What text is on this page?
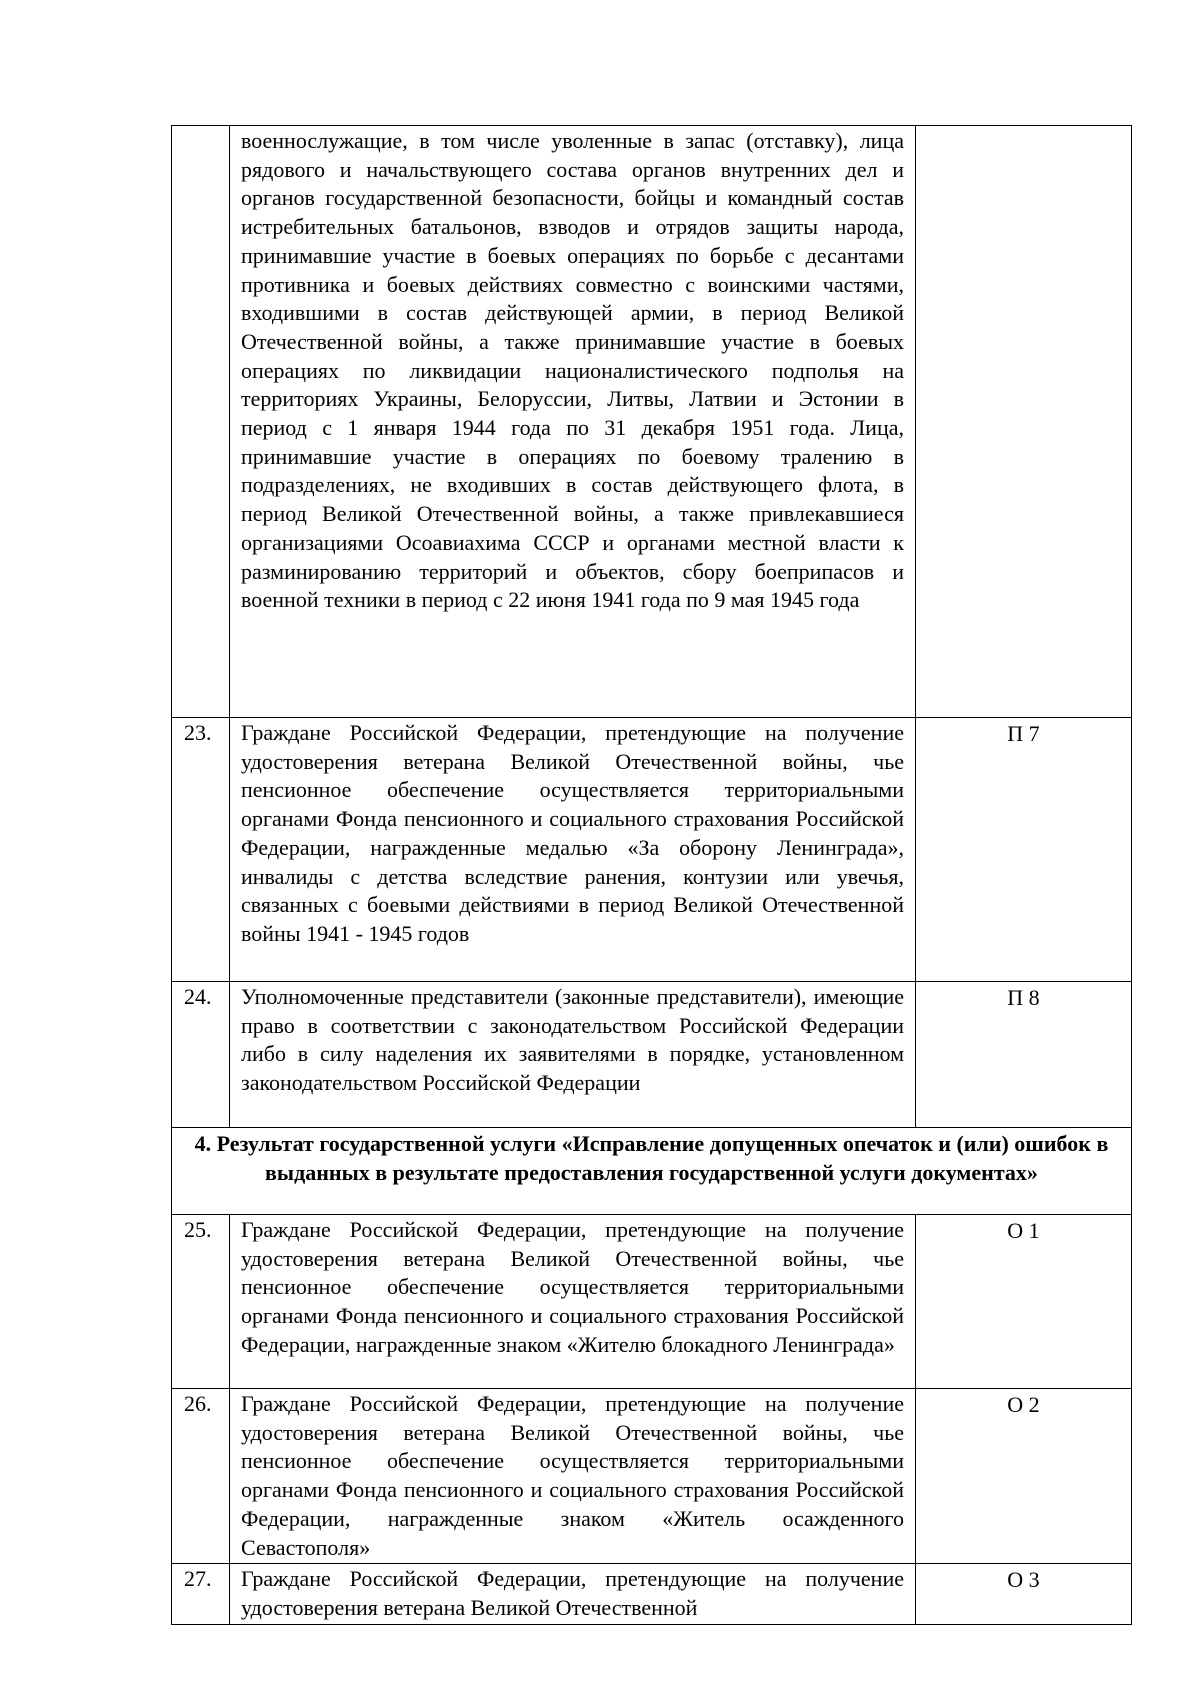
	военнослужащие, в том числе уволенные в запас (отставку), лица рядового и начальствующего состава органов внутренних дел и органов государственной безопасности, бойцы и командный состав истребительных батальонов, взводов и отрядов защиты народа, принимавшие участие в боевых операциях по борьбе с десантами противника и боевых действиях совместно с воинскими частями, входившими в состав действующей армии, в период Великой Отечественной войны, а также принимавшие участие в боевых операциях по ликвидации националистического подполья на территориях Украины, Белоруссии, Литвы, Латвии и Эстонии в период с 1 января 1944 года по 31 декабря 1951 года. Лица, принимавшие участие в операциях по боевому тралению в подразделениях, не входивших в состав действующего флота, в период Великой Отечественной войны, а также привлекавшиеся организациями Осоавиахима СССР и органами местной власти к разминированию территорий и объектов, сбору боеприпасов и военной техники в период с 22 июня 1941 года по 9 мая 1945 года	
23.	Граждане Российской Федерации, претендующие на получение удостоверения ветерана Великой Отечественной войны, чье пенсионное обеспечение осуществляется территориальными органами Фонда пенсионного и социального страхования Российской Федерации, награжденные медалью «За оборону Ленинграда», инвалиды с детства вследствие ранения, контузии или увечья, связанных с боевыми действиями в период Великой Отечественной войны 1941 - 1945 годов	П 7
24.	Уполномоченные представители (законные представители), имеющие право в соответствии с законодательством Российской Федерации либо в силу наделения их заявителями в порядке, установленном законодательством Российской Федерации	П 8
4. Результат государственной услуги «Исправление допущенных опечаток и (или) ошибок в выданных в результате предоставления государственной услуги документах»		
25.	Граждане Российской Федерации, претендующие на получение удостоверения ветерана Великой Отечественной войны, чье пенсионное обеспечение осуществляется территориальными органами Фонда пенсионного и социального страхования Российской Федерации, награжденные знаком «Жителю блокадного Ленинграда»	О 1
26.	Граждане Российской Федерации, претендующие на получение удостоверения ветерана Великой Отечественной войны, чье пенсионное обеспечение осуществляется территориальными органами Фонда пенсионного и социального страхования Российской Федерации, награжденные знаком «Житель осажденного Севастополя»	О 2
27.	Граждане Российской Федерации, претендующие на получение удостоверения ветерана Великой Отечественной	О 3
